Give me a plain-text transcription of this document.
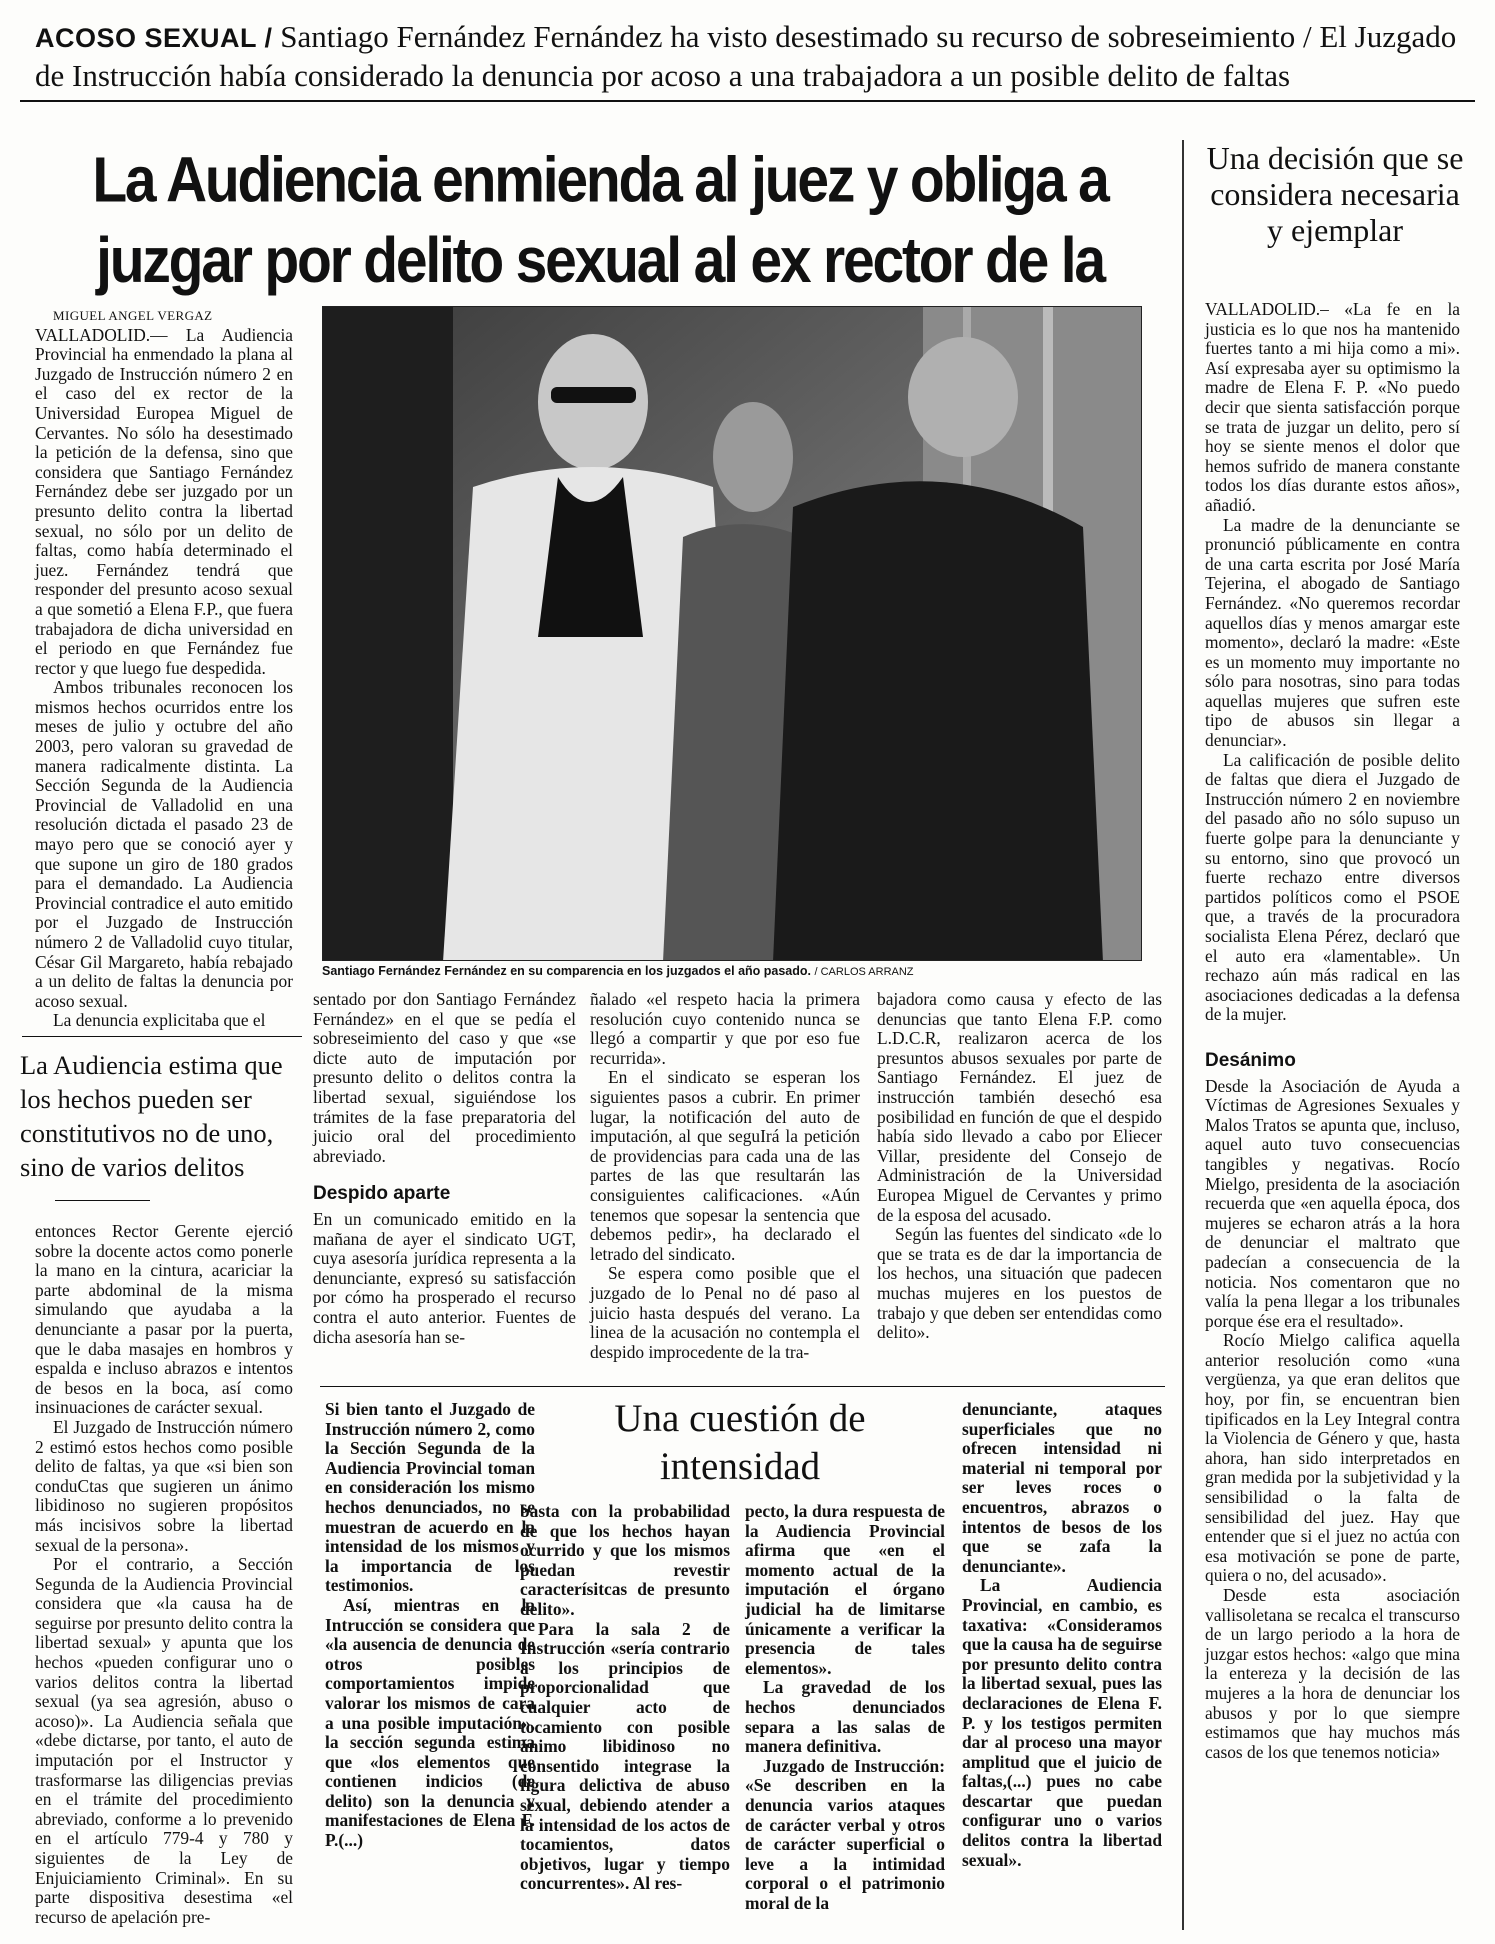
ACOSO SEXUAL / Santiago Fernández Fernández ha visto desestimado su recurso de sobreseimiento / El Juzgado de Instrucción había considerado la denuncia por acoso a una trabajadora a un posible delito de faltas
La Audiencia enmienda al juez y obliga a juzgar por delito sexual al ex rector de la
Una decisión que se considera necesaria y ejemplar

MIGUEL ANGEL VERGAZ

VALLADOLID.— La Audiencia Provincial ha enmendado la plana al Juzgado de Instrucción número 2 en el caso del ex rector de la Universidad Europea Miguel de Cervantes. No sólo ha desestimado la petición de la defensa, sino que considera que Santiago Fernández Fernández debe ser juzgado por un presunto delito contra la libertad sexual, no sólo por un delito de faltas, como había determinado el juez. Fernández tendrá que responder del presunto acoso sexual a que sometió a Elena F.P., que fuera trabajadora de dicha universidad en el periodo en que Fernández fue rector y que luego fue despedida.

Ambos tribunales reconocen los mismos hechos ocurridos entre los meses de julio y octubre del año 2003, pero valoran su gravedad de manera radicalmente distinta. La Sección Segunda de la Audiencia Provincial de Valladolid en una resolución dictada el pasado 23 de mayo pero que se conoció ayer y que supone un giro de 180 grados para el demandado. La Audiencia Provincial contradice el auto emitido por el Juzgado de Instrucción número 2 de Valladolid cuyo titular, César Gil Margareto, había rebajado a un delito de faltas la denuncia por acoso sexual.

La denuncia explicitaba que el

La Audiencia estima que los hechos pueden ser constitutivos no de uno, sino de varios delitos

entonces Rector Gerente ejerció sobre la docente actos como ponerle la mano en la cintura, acariciar la parte abdominal de la misma simulando que ayudaba a la denunciante a pasar por la puerta, que le daba masajes en hombros y espalda e incluso abrazos e intentos de besos en la boca, así como insinuaciones de carácter sexual.

El Juzgado de Instrucción número 2 estimó estos hechos como posible delito de faltas, ya que «si bien son conduCtas que sugieren un ánimo libidinoso no sugieren propósitos más incisivos sobre la libertad sexual de la persona».

Por el contrario, a Sección Segunda de la Audiencia Provincial considera que «la causa ha de seguirse por presunto delito contra la libertad sexual» y apunta que los hechos «pueden configurar uno o varios delitos contra la libertad sexual (ya sea agresión, abuso o acoso)». La Audiencia señala que «debe dictarse, por tanto, el auto de imputación por el Instructor y trasformarse las diligencias previas en el trámite del procedimiento abreviado, conforme a lo prevenido en el artículo 779-4 y 780 y siguientes de la Ley de Enjuiciamiento Criminal». En su parte dispositiva desestima «el recurso de apelación pre-

Santiago Fernández Fernández en su comparencia en los juzgados el año pasado. / CARLOS ARRANZ

sentado por don Santiago Fernández Fernández» en el que se pedía el sobreseimiento del caso y que «se dicte auto de imputación por presunto delito o delitos contra la libertad sexual, siguiéndose los trámites de la fase preparatoria del juicio oral del procedimiento abreviado.

Despido aparte

En un comunicado emitido en la mañana de ayer el sindicato UGT, cuya asesoría jurídica representa a la denunciante, expresó su satisfacción por cómo ha prosperado el recurso contra el auto anterior. Fuentes de dicha asesoría han se-

ñalado «el respeto hacia la primera resolución cuyo contenido nunca se llegó a compartir y que por eso fue recurrida».

En el sindicato se esperan los siguientes pasos a cubrir. En primer lugar, la notificación del auto de imputación, al que seguIrá la petición de providencias para cada una de las partes de las que resultarán las consiguientes calificaciones. «Aún tenemos que sopesar la sentencia que debemos pedir», ha declarado el letrado del sindicato.

Se espera como posible que el juzgado de lo Penal no dé paso al juicio hasta después del verano. La linea de la acusación no contempla el despido improcedente de la tra-

bajadora como causa y efecto de las denuncias que tanto Elena F.P. como L.D.C.R, realizaron acerca de los presuntos abusos sexuales por parte de Santiago Fernández. El juez de instrucción también desechó esa posibilidad en función de que el despido había sido llevado a cabo por Eliecer Villar, presidente del Consejo de Administración de la Universidad Europea Miguel de Cervantes y primo de la esposa del acusado.

Según las fuentes del sindicato «de lo que se trata es de dar la importancia de los hechos, una situación que padecen muchas mujeres en los puestos de trabajo y que deben ser entendidas como delito».

Una cuestión de intensidad

Si bien tanto el Juzgado de Instrucción número 2, como la Sección Segunda de la Audiencia Provincial toman en consideración los mismo hechos denunciados, no se muestran de acuerdo en la intensidad de los mismos y la importancia de los testimonios.

Así, mientras en la Intrucción se considera que «la ausencia de denuncia de otros posibles comportamientos impide valorar los mismos de cara a una posible imputación», la sección segunda estima que «los elementos que contienen indicios (de delito) son la denuncia y manifestaciones de Elena F. P.(...)

basta con la probabilidad de que los hechos hayan ocurrido y que los mismos puedan revestir caracterísitcas de presunto delito».

Para la sala 2 de Instrucción «sería contrario a los principios de proporcionalidad que cualquier acto de tocamiento con posible ánimo libidinoso no consentido integrase la figura delictiva de abuso sexual, debiendo atender a la intensidad de los actos de tocamientos, datos objetivos, lugar y tiempo concurrentes». Al res-

pecto, la dura respuesta de la Audiencia Provincial afirma que «en el momento actual de la imputación el órgano judicial ha de limitarse únicamente a verificar la presencia de tales elementos».

La gravedad de los hechos denunciados separa a las salas de manera definitiva.

Juzgado de Instrucción: «Se describen en la denuncia varios ataques de carácter verbal y otros de carácter superficial o leve a la intimidad corporal o el patrimonio moral de la

denunciante, ataques superficiales que no ofrecen intensidad ni material ni temporal por ser leves roces o encuentros, abrazos o intentos de besos de los que se zafa la denunciante».

La Audiencia Provincial, en cambio, es taxativa: «Consideramos que la causa ha de seguirse por presunto delito contra la libertad sexual, pues las declaraciones de Elena F. P. y los testigos permiten dar al proceso una mayor amplitud que el juicio de faltas,(...) pues no cabe descartar que puedan configurar uno o varios delitos contra la libertad sexual».

VALLADOLID.– «La fe en la justicia es lo que nos ha mantenido fuertes tanto a mi hija como a mi». Así expresaba ayer su optimismo la madre de Elena F. P. «No puedo decir que sienta satisfacción porque se trata de juzgar un delito, pero sí hoy se siente menos el dolor que hemos sufrido de manera constante todos los días durante estos años», añadió.

La madre de la denunciante se pronunció públicamente en contra de una carta escrita por José María Tejerina, el abogado de Santiago Fernández. «No queremos recordar aquellos días y menos amargar este momento», declaró la madre: «Este es un momento muy importante no sólo para nosotras, sino para todas aquellas mujeres que sufren este tipo de abusos sin llegar a denunciar».

La calificación de posible delito de faltas que diera el Juzgado de Instrucción número 2 en noviembre del pasado año no sólo supuso un fuerte golpe para la denunciante y su entorno, sino que provocó un fuerte rechazo entre diversos partidos políticos como el PSOE que, a través de la procuradora socialista Elena Pérez, declaró que el auto era «lamentable». Un rechazo aún más radical en las asociaciones dedicadas a la defensa de la mujer.

Desánimo

Desde la Asociación de Ayuda a Víctimas de Agresiones Sexuales y Malos Tratos se apunta que, incluso, aquel auto tuvo consecuencias tangibles y negativas. Rocío Mielgo, presidenta de la asociación recuerda que «en aquella época, dos mujeres se echaron atrás a la hora de denunciar el maltrato que padecían a consecuencia de la noticia. Nos comentaron que no valía la pena llegar a los tribunales porque ése era el resultado».

Rocío Mielgo califica aquella anterior resolución como «una vergüenza, ya que eran delitos que hoy, por fin, se encuentran bien tipificados en la Ley Integral contra la Violencia de Género y que, hasta ahora, han sido interpretados en gran medida por la subjetividad y la sensibilidad o la falta de sensibilidad del juez. Hay que entender que si el juez no actúa con esa motivación se pone de parte, quiera o no, del acusado».

Desde esta asociación vallisoletana se recalca el transcurso de un largo periodo a la hora de juzgar estos hechos: «algo que mina la entereza y la decisión de las mujeres a la hora de denunciar los abusos y por lo que siempre estimamos que hay muchos más casos de los que tenemos noticia»
